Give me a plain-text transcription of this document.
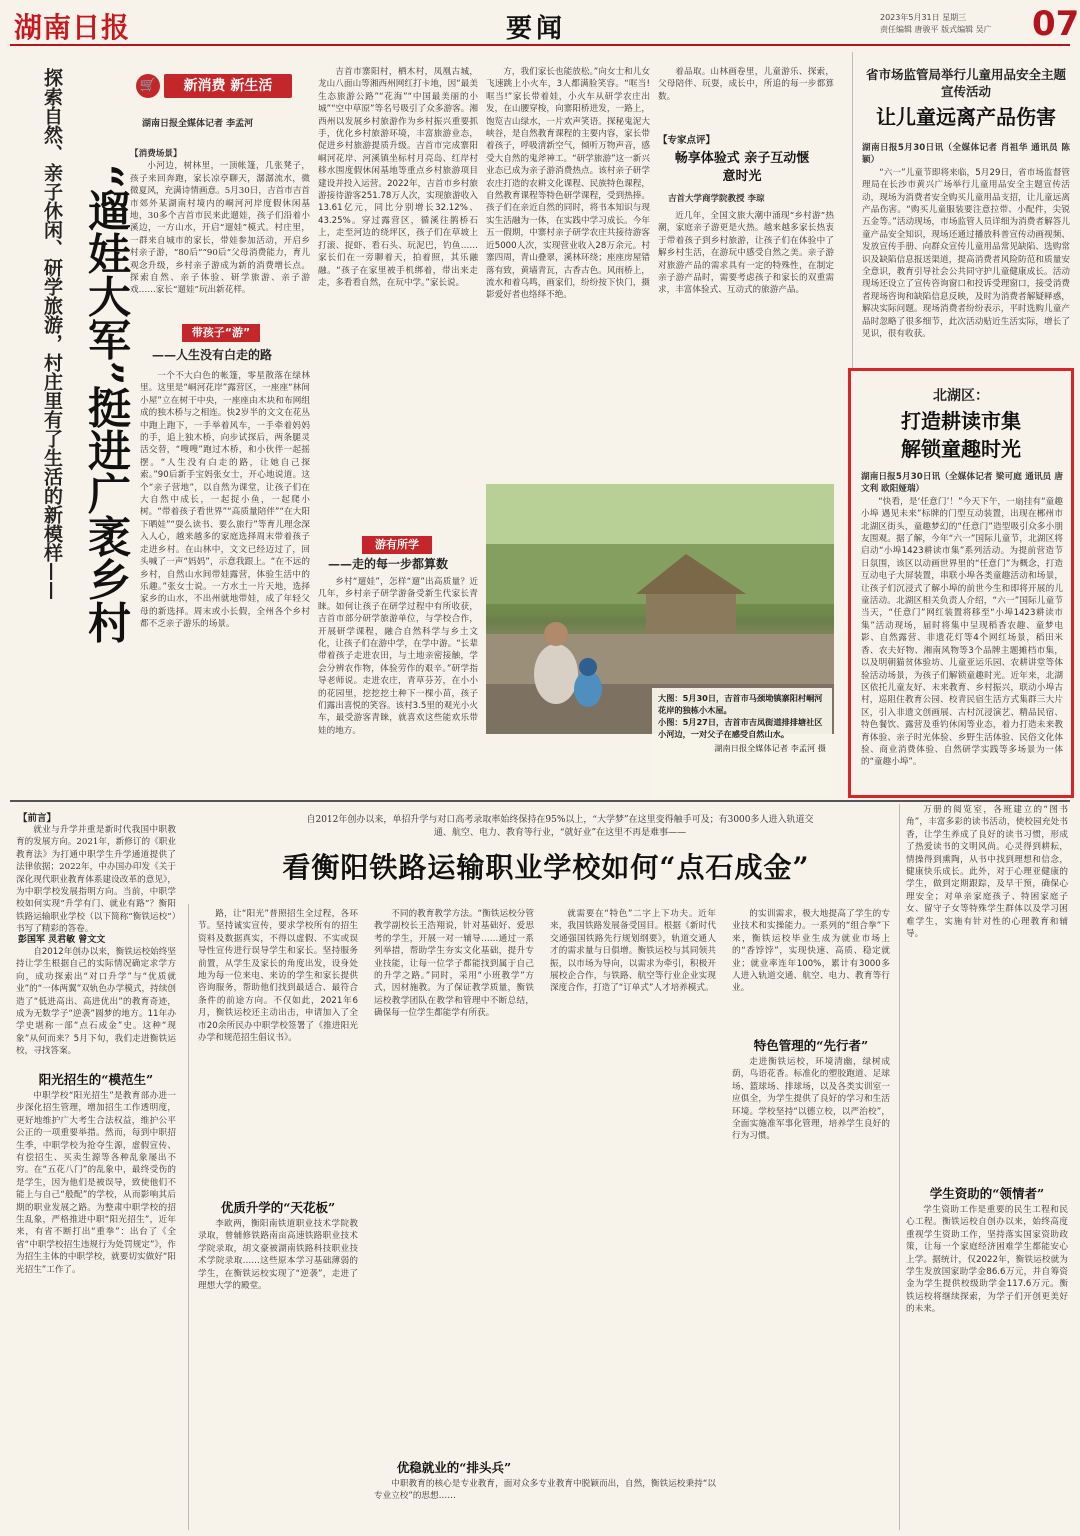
湖南日报	要闻	2023年5月31日 星期三
责任编辑 唐骏平 版式编辑 吴广 07
探索自然、亲子休闲、研学旅游，村庄里有了生活的新模样—— “遛娃大军”挺进广袤乡村
🛒	新消费 新生活
湖南日报全媒体记者 李孟河

【消费场景】

小河边，树林里，一顶帐篷，几张凳子，孩子来回奔跑，家长凉亭聊天，潺潺流水，微微夏风，充满诗情画意。5月30日，吉首市吉首市郊外某湖南村境内的峒河河岸度假休闲基地，30多个吉首市民来此遛娃，孩子们沿着小溪边，一方山水，开启“遛娃”模式。村庄里，一群来自城市的家长，带娃参加活动，开启乡村亲子游，“80后”“90后”父母消费能力，育儿观念升级，乡村亲子游成为新的消费增长点。探索自然、亲子体验、研学旅游、亲子游戏……家长“遛娃”玩出新花样。

带孩子“游”
——人生没有白走的路

一个不大白色的帐篷，零星散落在绿林里。这里是“峒河花岸”露营区，一座座“林间小屋”立在树干中央，一座座由木块和布网组成的独木桥与之相连。快2岁半的文文在花丛中跑上跑下，一手举着风车，一手牵着妈妈的手，追上独木桥，向步试探后，两条腿灵活交替，“嗖嗖”跑过木桥，和小伙伴一起摇摆。“人生没有白走的路，让她自己探索。”90后新手宝妈张女士，开心地说道。这个“亲子营地”，以自然为课堂，让孩子们在大自然中成长，一起捉小鱼，一起爬小树。“带着孩子看世界”“高质量陪伴”“在大阳下晒娃”“耍么读书、要么旅行”等育儿理念深入人心，越来越多的家庭选择周末带着孩子走进乡村。在山林中，文文已经迈过了，回头喊了一声“妈妈”，示意我跟上。“在不远的乡村，自然山水间带娃露营，体验生活中的乐趣。”张女士说。一方水土一片天地，选择家乡的山水，不出州就地带娃，成了年轻父母的新选择。周末或小长假，全州各个乡村都不乏亲子游乐的场景。

吉首市寨阳村，栖木村，凤凰古城，龙山八面山等湘西州网红打卡地，因“最美生态旅游公路”“花海”“中国最美丽的小城”“空中草原”等名号吸引了众多游客。湘西州以发展乡村旅游作为乡村振兴重要抓手，优化乡村旅游环境，丰富旅游业态，促进乡村旅游提质升级。吉首市完成寨阳峒河花岸、河溪镇坐标村月亮岛、红岸村移水围度假休闲基地等重点乡村旅游项目建设并投入运营。2022年，吉首市乡村旅游接待游客251.78万人次，实现旅游收入13.61亿元，同比分别增长32.12%、43.25%。穿过露营区，循溪往鹊桥石上，走至河边的绕坪区，孩子们在草坡上打滚、捉虾、看石头、玩泥巴，钓鱼……家长们在一旁聊着天，拍着照，其乐融融。“孩子在家里被手机绑着，带出来走走，多看看自然，在玩中学。”家长说。

游有所学
——走的每一步都算数

乡村“遛娃”，怎样“遛”出高质量？近几年，乡村亲子研学游备受新生代家长青睐。如何让孩子在研学过程中有所收获，吉首市部分研学旅游单位，与学校合作，开展研学课程，融合自然科学与乡土文化，让孩子们在游中学，在学中游。“长辈带着孩子走进农田，与土地亲密接触，学会分辨农作物，体验劳作的艰辛。”研学指导老师说。走进农庄，青草芬芳，在小小的花园里，挖挖挖土种下一棵小苗，孩子们露出喜悦的笑容。该村3.5里的观光小火车，最受游客青睐，就喜欢这些能欢乐带娃的地方。

方，我们家长也能放松。”向女士和儿女飞速跳上小火车，3人都满脸笑容。“哐当!哐当!”家长带着娃，小火车从研学农庄出发，在山腰穿梭，向寨阳桥进发，一路上，饱览吉山绿水，一片欢声笑语。探秘鬼泥大峡谷，是自然教育课程的主要内容，家长带着孩子，呼吸清新空气，倾听万物声音，感受大自然的鬼斧神工。“研学旅游”这一新兴业态已成为亲子游消费热点。该村亲子研学农庄打造的农耕文化课程、民族特色课程，自然教育课程等特色研学课程，受到热捧。孩子们在亲近自然的同时，将书本知识与现实生活融为一体，在实践中学习成长。今年五一假期，中寨村亲子研学农庄共接待游客近5000人次，实现营业收入28万余元。村寨四周，青山叠翠，溪林环绕；座座房屋错落有致，黄墙青瓦，古香古色。风雨桥上，流水和着乌鸣，画家们，纷纷按下快门，摄影爱好者也络绎不绝。

着品取。山林画卷里，儿童游乐、探索，父母陪伴、玩耍，成长中，所追的每一步都算数。

【专家点评】
畅享体验式 亲子互动惬意时光
吉首大学商学院教授 李琼

近几年，全国文旅大潮中涌现“乡村游”热潮，家庭亲子游更是火热。越来越多家长热衷于带着孩子到乡村旅游，让孩子们在体验中了解乡村生活，在游玩中感受自然之美。亲子游对旅游产品的需求具有一定的特殊性，在制定亲子游产品时，需要考虑孩子和家长的双重需求，丰富体验式、互动式的旅游产品。

大图：5月30日，吉首市马颈坳镇寨阳村峒河花岸的独栋小木屋。
小图：5月27日，吉首市吉凤街道排排塘社区小河边，一对父子在感受自然山水。
湖南日报全媒体记者 李孟河 摄
省市场监管局举行儿童用品安全主题宣传活动
让儿童远离产品伤害

湖南日报5月30日讯（全媒体记者 肖祖华 通讯员 陈颖）

“六一”儿童节即将来临，5月29日，省市场监督管理局在长沙市黄兴广场举行儿童用品安全主题宣传活动，现场为消费者安全购买儿童用品支招，让儿童远离产品伤害。“购买儿童服装要注意拉带、小配件，尖锐五金等。”活动现场，市场监管人员详细为消费者解答儿童产品安全知识，现场还通过播放科普宣传动画视频、发放宣传手册、向群众宣传儿童用品常见缺陷、选购常识及缺陷信息报送渠道，提高消费者风险防范和质量安全意识，教育引导社会公共同守护儿童健康成长。活动现场还设立了宣传咨询窗口和投诉受理窗口，接受消费者现场咨询和缺陷信息反映，及时为消费者解疑释惑，解决实际问题。现场消费者纷纷表示，平时选购儿童产品时忽略了很多细节，此次活动贴近生活实际，增长了见识，很有收获。

北湖区：
打造耕读市集
解锁童趣时光

湖南日报5月30日讯（全媒体记者 梁可庭 通讯员 唐文利 欧阳娅瑞）

“快看，是‘任意门’！”今天下午，一扇挂有“童趣小埠 遇见未来”标牌的门型互动装置，出现在郴州市北湖区街头，童趣梦幻的“任意门”造型吸引众多小朋友围观。据了解，今年“六一”国际儿童节，北湖区将启动“小埠1423耕读市集”系列活动。为提前营造节日氛围，该区以动画世界里的“任意门”为概念，打造互动电子大屏装置，串联小埠各类童趣活动和场景，让孩子们沉浸式了解小埠的前世今生和即将开展的儿童活动。北湖区相关负责人介绍，“六一”国际儿童节当天，“任意门”网红装置将移至“小埠1423耕读市集”活动现场，届时将集中呈现稻香农趣、童梦电影、自然露营、非遗花灯等4个网红场景，稻田米香、农夫好物、湘南风物等3个品牌主题摊档市集，以及明朝猫贫体验坊、儿童亚运乐园、农耕讲堂等体验活动场景，为孩子们解锁童趣时光。近年来，北湖区依托儿童友好、未来教育、乡村振兴，联动小埠古村，巡阻住教育公园、校青民宿生活方式集群三大片区，引入非遗文创画展、古村沉浸演艺、精品民宿、特色餐饮、露营及垂钓休闲等业态，着力打造未来教育体验、亲子时光体验、乡野生活体验、民俗文化体验、商业消费体验、自然研学实践等多场景为一体的“童趣小埠”。

【前言】

就业与升学并重是新时代我国中职教育的发展方向。2021年，新修订的《职业教育法》为打通中职学生升学通道提供了法律依据；2022年，中办国办印发《关于深化现代职业教育体系建设改革的意见》，为中职学校发展指明方向。当前，中职学校如何实现“升学有门、就业有路”？衡阳铁路运输职业学校（以下简称“衡铁运校”）书写了精彩的答卷。

自2012年创办以来，单招升学与对口高考录取率始终保持在95%以上，“大学梦”在这里变得触手可及；有3000多人进入轨道交通、航空、电力、教育等行业，“就好业”在这里不再是难事——
看衡阳铁路运输职业学校如何“点石成金”
彭国军 灵君敏 曾文文

自2012年创办以来，衡铁运校始终坚持让学生根据自己的实际情况确定求学方向，成功探索出“对口升学”与“优质就业”的“一体两翼”双轨色办学模式，持续创造了“低进高出、高进优出”的教育奇迹，成为无数学子“逆袭”圆梦的地方。11年办学史堪称一部“点石成金”史。这种“现象”从何而来？5月下旬，我们走进衡铁运校，寻找答案。

阳光招生的“模范生”

中职学校“阳光招生”是教育部办进一步深化招生管理，增加招生工作透明度，更好地维护广大考生合法权益，维护公平公正的一项重要举措。然而，每到中职招生季，中职学校为抢夺生源，虚假宣传、有偿招生、买卖生源等各种乱象屡出不穷。在“五花八门”的乱象中，最终受伤的是学生，因为他们是被误导，致使他们不能上与自己“般配”的学校，从而影响其后期的职业发展之路。为整肃中职学校的招生乱象，严格推进中职“阳光招生”，近年来，有省不断打出“重拳”：出台了《全省“中职学校招生违规行为处罚规定”》，作为招生主体的中职学校，就要切实做好“阳光招生”工作了。

路，让“阳光”普照招生全过程，各环节。坚持诚实宣传，要求学校所有的招生资料及数据真实，不得以虚假、不实或误导性宣传进行误导学生和家长。坚持服务前置，从学生及家长的角度出发，设身处地为每一位来电、来访的学生和家长提供咨询服务，帮助他们找到最适合、最符合条件的前途方向。不仅如此，2021年6月，衡铁运校还主动出击，申请加入了全市20余所民办中职学校签署了《推进阳光办学和规范招生倡议书》。

优质升学的“天花板”

李欧两，衡阳南铁道职业技术学院教录取，曾辅修铁路南亩高速铁路职业技术学院录取，胡文豪被湖南铁路科技职业技术学院录取……这些原本学习基础薄弱的学生，在衡铁运校实现了“逆袭”，走进了理想大学的殿堂。

不同的教育教学方法。“衡铁运校分管教学副校长王浩翔说，针对基础好、爱思考的学生，开展一对一辅导……通过一系列举措，帮助学生夯实文化基础，提升专业技能，让每一位学子都能找到属于自己的升学之路。”同时，采用“小班教学”方式，因材施教。为了保证教学质量，衡铁运校教学团队在教学和管理中不断总结，确保每一位学生都能学有所获。

就需要在“特色”二字上下功夫。近年来，我国铁路发展备受国目。根据《新时代交通强国铁路先行规划纲要》，轨道交通人才的需求量与日俱增。衡铁运校与其同领共振，以市场为导向，以需求为牵引，积极开展校企合作，与铁路、航空等行业企业实现深度合作，打造了“订单式”人才培养模式。

优稳就业的“排头兵”

中职教育的核心是专业教育，面对众多专业教育中脱颖而出，自然，衡铁运校秉持“以专业立校”的思想……

的实训需求，极大地提高了学生的专业技术和实操能力。一系列的“组合拳”下来，衡铁运校毕业生成为就业市场上的“香饽饽”，实现快速、高质、稳定就业；就业率连年100%，累计有3000多人进入轨道交通、航空、电力、教育等行业。

特色管理的“先行者”

走进衡铁运校，环境清幽，绿树成荫，鸟语花香。标准化的塑胶跑道、足球场、篮球场、排球场，以及各类实训室一应俱全，为学生提供了良好的学习和生活环境。学校坚持“以德立校，以严治校”，全面实施准军事化管理，培养学生良好的行为习惯。

万册的阅览室，各班建立的“图书角”，丰富多彩的读书活动，使校园充处书香，让学生养成了良好的读书习惯，形成了热爱读书的文明风尚。心灵得到耕耘，情操得到熏陶，从书中找到理想和信念，健康快乐成长。此外，对于心理亚健康的学生，做到定期跟踪，及早干预，确保心理安全；对单亲家庭孩子、特困家庭子女、留守子女等特殊学生群体以及学习困难学生，实施有针对性的心理教育和辅导。

学生资助的“领情者”

学生资助工作是重要的民生工程和民心工程。衡铁运校自创办以来，始终高度重视学生资助工作，坚持落实国家资助政策，让每一个家庭经济困难学生都能安心上学。据统计，仅2022年，衡铁运校就为学生发放国家助学金86.6万元，并自筹资金为学生提供校级助学金117.6万元。衡铁运校将继续探索，为学子们开创更美好的未来。
